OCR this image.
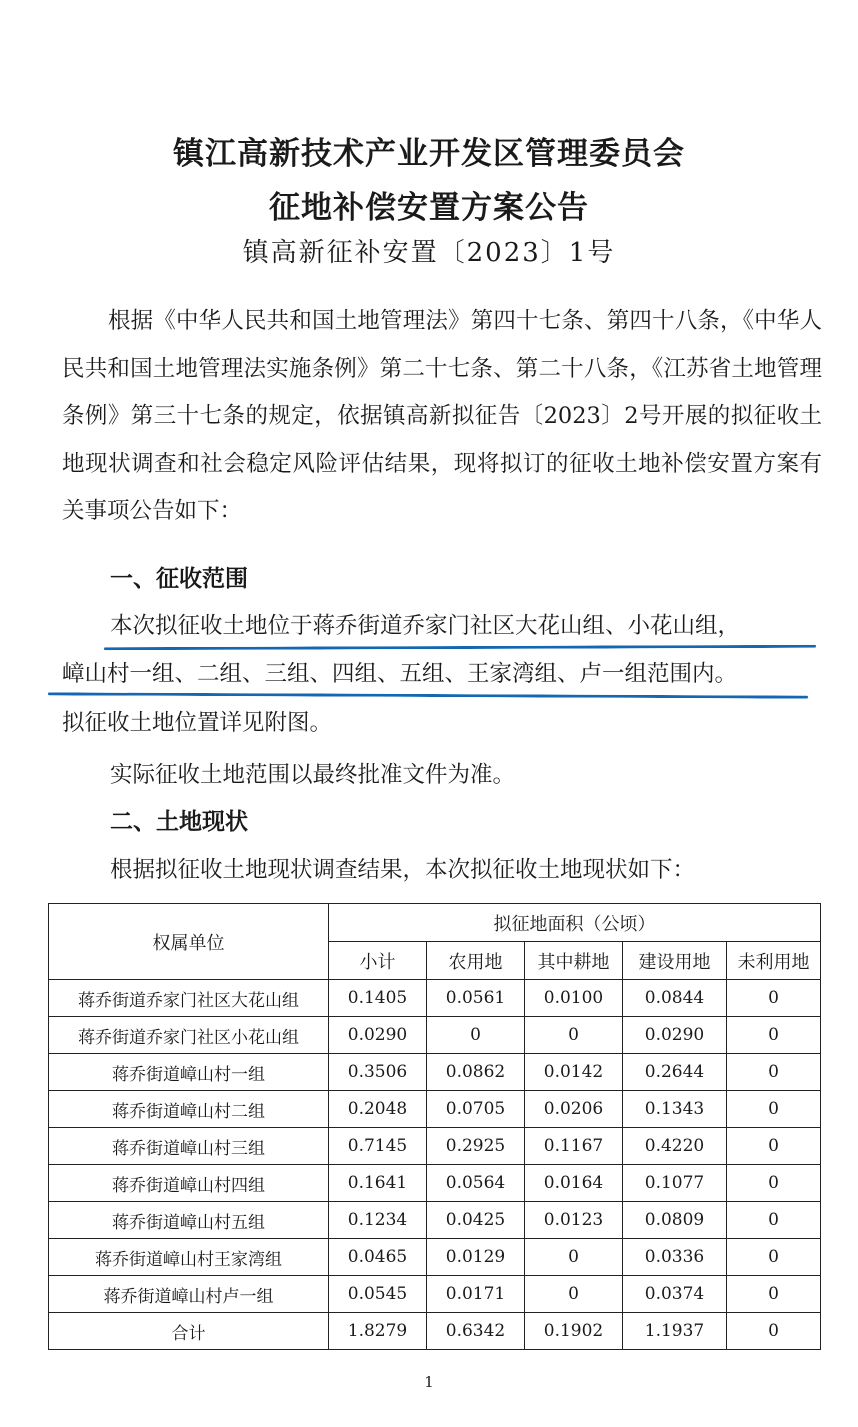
镇江高新技术产业开发区管理委员会
征地补偿安置方案公告
镇高新征补安置〔2023〕1号
根据《中华人民共和国土地管理法》第四十七条、第四十八条，《中华人民共和国土地管理法实施条例》第二十七条、第二十八条，《江苏省土地管理条例》第三十七条的规定，依据镇高新拟征告〔2023〕2号开展的拟征收土地现状调查和社会稳定风险评估结果，现将拟订的征收土地补偿安置方案有关事项公告如下：
一、征收范围
本次拟征收土地位于蒋乔街道乔家门社区大花山组、小花山组，
嶂山村一组、二组、三组、四组、五组、王家湾组、卢一组范围内。
拟征收土地位置详见附图。
实际征收土地范围以最终批准文件为准。
二、土地现状
根据拟征收土地现状调查结果，本次拟征收土地现状如下：
权属单位	拟征地面积（公顷）				
	小计	农用地	其中耕地	建设用地	未利用地
蒋乔街道乔家门社区大花山组	0.1405	0.0561	0.0100	0.0844	0
蒋乔街道乔家门社区小花山组	0.0290	0	0	0.0290	0
蒋乔街道嶂山村一组	0.3506	0.0862	0.0142	0.2644	0
蒋乔街道嶂山村二组	0.2048	0.0705	0.0206	0.1343	0
蒋乔街道嶂山村三组	0.7145	0.2925	0.1167	0.4220	0
蒋乔街道嶂山村四组	0.1641	0.0564	0.0164	0.1077	0
蒋乔街道嶂山村五组	0.1234	0.0425	0.0123	0.0809	0
蒋乔街道嶂山村王家湾组	0.0465	0.0129	0	0.0336	0
蒋乔街道嶂山村卢一组	0.0545	0.0171	0	0.0374	0
合计	1.8279	0.6342	0.1902	1.1937	0
1
